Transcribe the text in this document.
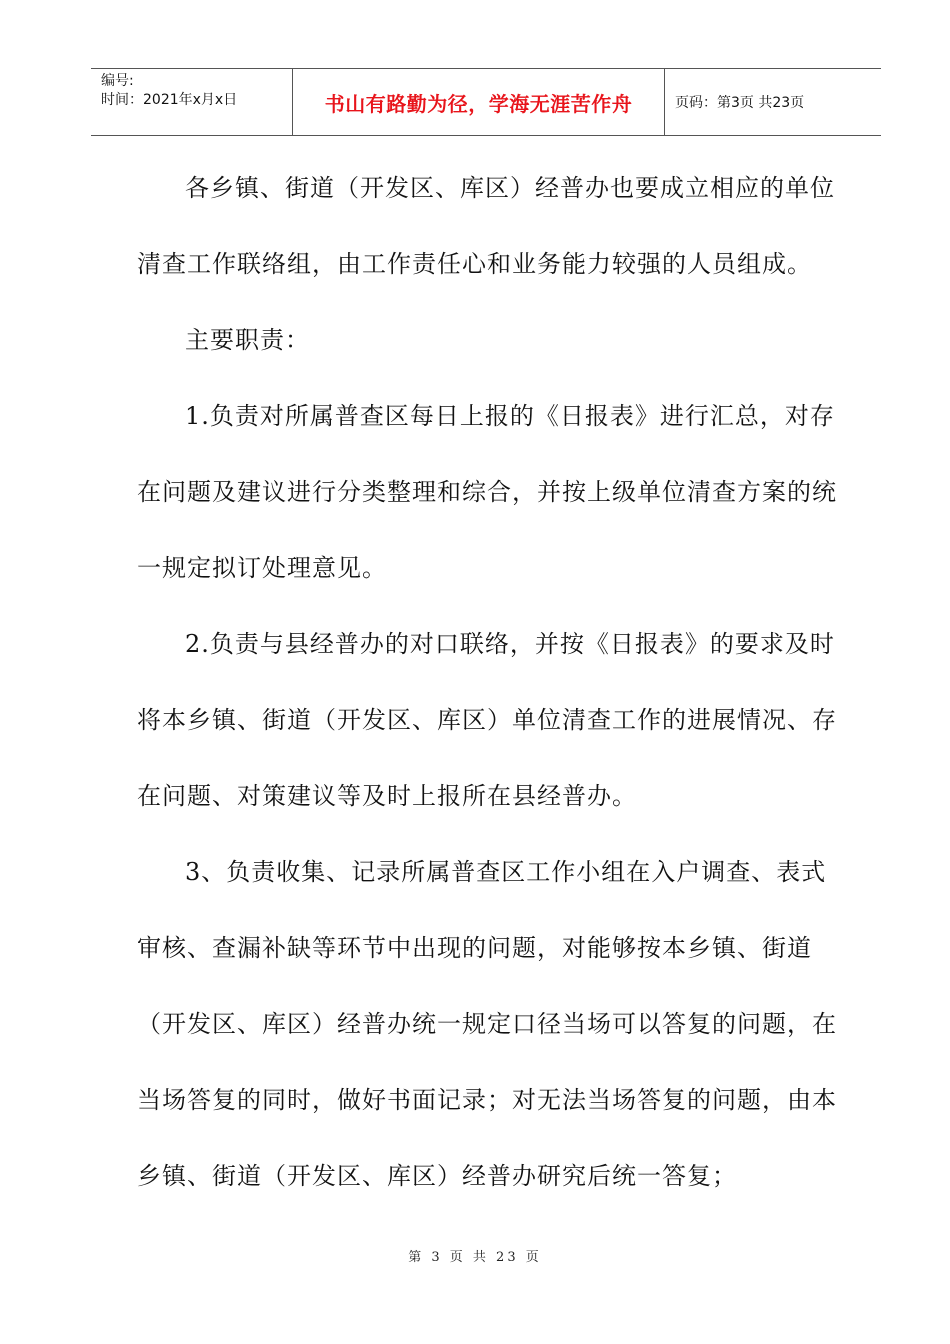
编号:
时间：2021年x月x日	书山有路勤为径，学海无涯苦作舟	页码：第3页 共23页

各乡镇、街道（开发区、库区）经普办也要成立相应的单位清查工作联络组，由工作责任心和业务能力较强的人员组成。

主要职责：

1.负责对所属普查区每日上报的《日报表》进行汇总，对存在问题及建议进行分类整理和综合，并按上级单位清查方案的统一规定拟订处理意见。

2.负责与县经普办的对口联络，并按《日报表》的要求及时将本乡镇、街道（开发区、库区）单位清查工作的进展情况、存在问题、对策建议等及时上报所在县经普办。

3、负责收集、记录所属普查区工作小组在入户调查、表式审核、查漏补缺等环节中出现的问题，对能够按本乡镇、街道（开发区、库区）经普办统一规定口径当场可以答复的问题，在当场答复的同时，做好书面记录；对无法当场答复的问题，由本乡镇、街道（开发区、库区）经普办研究后统一答复；

第 3 页 共 23 页
